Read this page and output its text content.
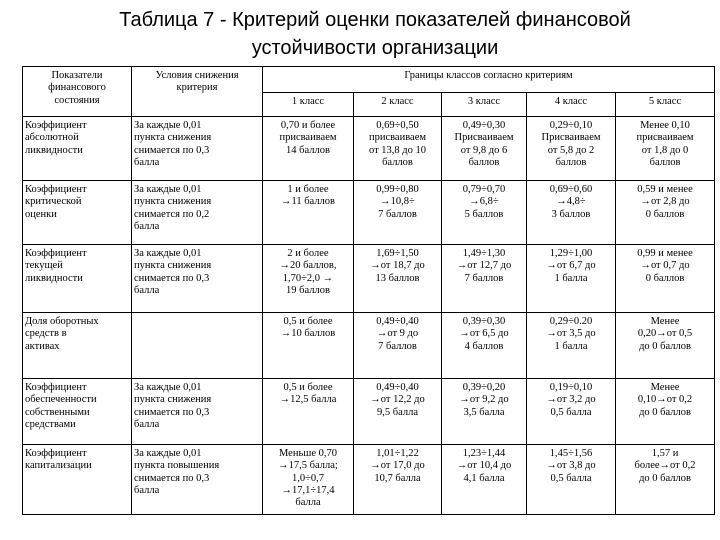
Таблица 7 - Критерий оценки показателей финансовой
устойчивости организации
Показатели
финансового
состояния	Условия снижения
критерия	Границы классов согласно критериям				
		1 класс	2 класс	3 класс	4 класс	5 класс

Коэффициент
абсолютной
ликвидности	За каждые 0,01
пункта снижения
снимается по 0,3
балла	0,70 и более
присваиваем
14 баллов	0,69÷0,50
присваиваем
от 13,8 до 10
баллов	0,49÷0,30
Присваиваем
от 9,8 до 6
баллов	0,29÷0,10
Присваиваем
от 5,8 до 2
баллов	Менее 0,10
присваиваем
от 1,8 до 0
баллов

Коэффициент
критической
оценки	За каждые 0,01
пункта снижения
снимается по 0,2
балла	1 и более
→11 баллов	0,99÷0,80
→10,8÷
7 баллов	0,79÷0,70
→6,8÷
5 баллов	0,69÷0,60
→4,8÷
3 баллов	0,59 и менее
→от 2,8 до
0 баллов

Коэффициент
текущей
ликвидности	За каждые 0,01
пункта снижения
снимается по 0,3
балла	2 и более
→20 баллов,
1,70÷2,0 →
19 баллов	1,69÷1,50
→от 18,7 до
13 баллов	1,49÷1,30
→от 12,7 до
7 баллов	1,29÷1,00
→от 6,7 до
1 балла	0,99 и менее
→от 0,7 до
0 баллов

Доля оборотных
средств в
активах		0,5 и более
→10 баллов	0,49÷0,40
→от 9 до
7 баллов	0,39÷0,30
→от 6,5 до
4 баллов	0,29÷0.20
→от 3,5 до
1 балла	Менее
0,20→от 0,5
до 0 баллов

Коэффициент
обеспеченности
собственными
средствами	За каждые 0,01
пункта снижения
снимается по 0,3
балла	0,5 и более
→12,5 балла	0,49÷0,40
→от 12,2 до
9,5 балла	0,39÷0,20
→от 9,2 до
3,5 балла	0,19÷0,10
→от 3,2 до
0,5 балла	Менее
0,10→от 0,2
до 0 баллов

Коэффициент
капитализации	За каждые 0,01
пункта повышения
снимается по 0,3
балла	Меньше 0,70
→17,5 балла;
1,0÷0,7
→17,1÷17,4
балла	1,01÷1,22
→от 17,0 до
10,7 балла	1,23÷1,44
→от 10,4 до
4,1 балла	1,45÷1,56
→от 3,8 до
0,5 балла	1,57 и
более→от 0,2
до 0 баллов
